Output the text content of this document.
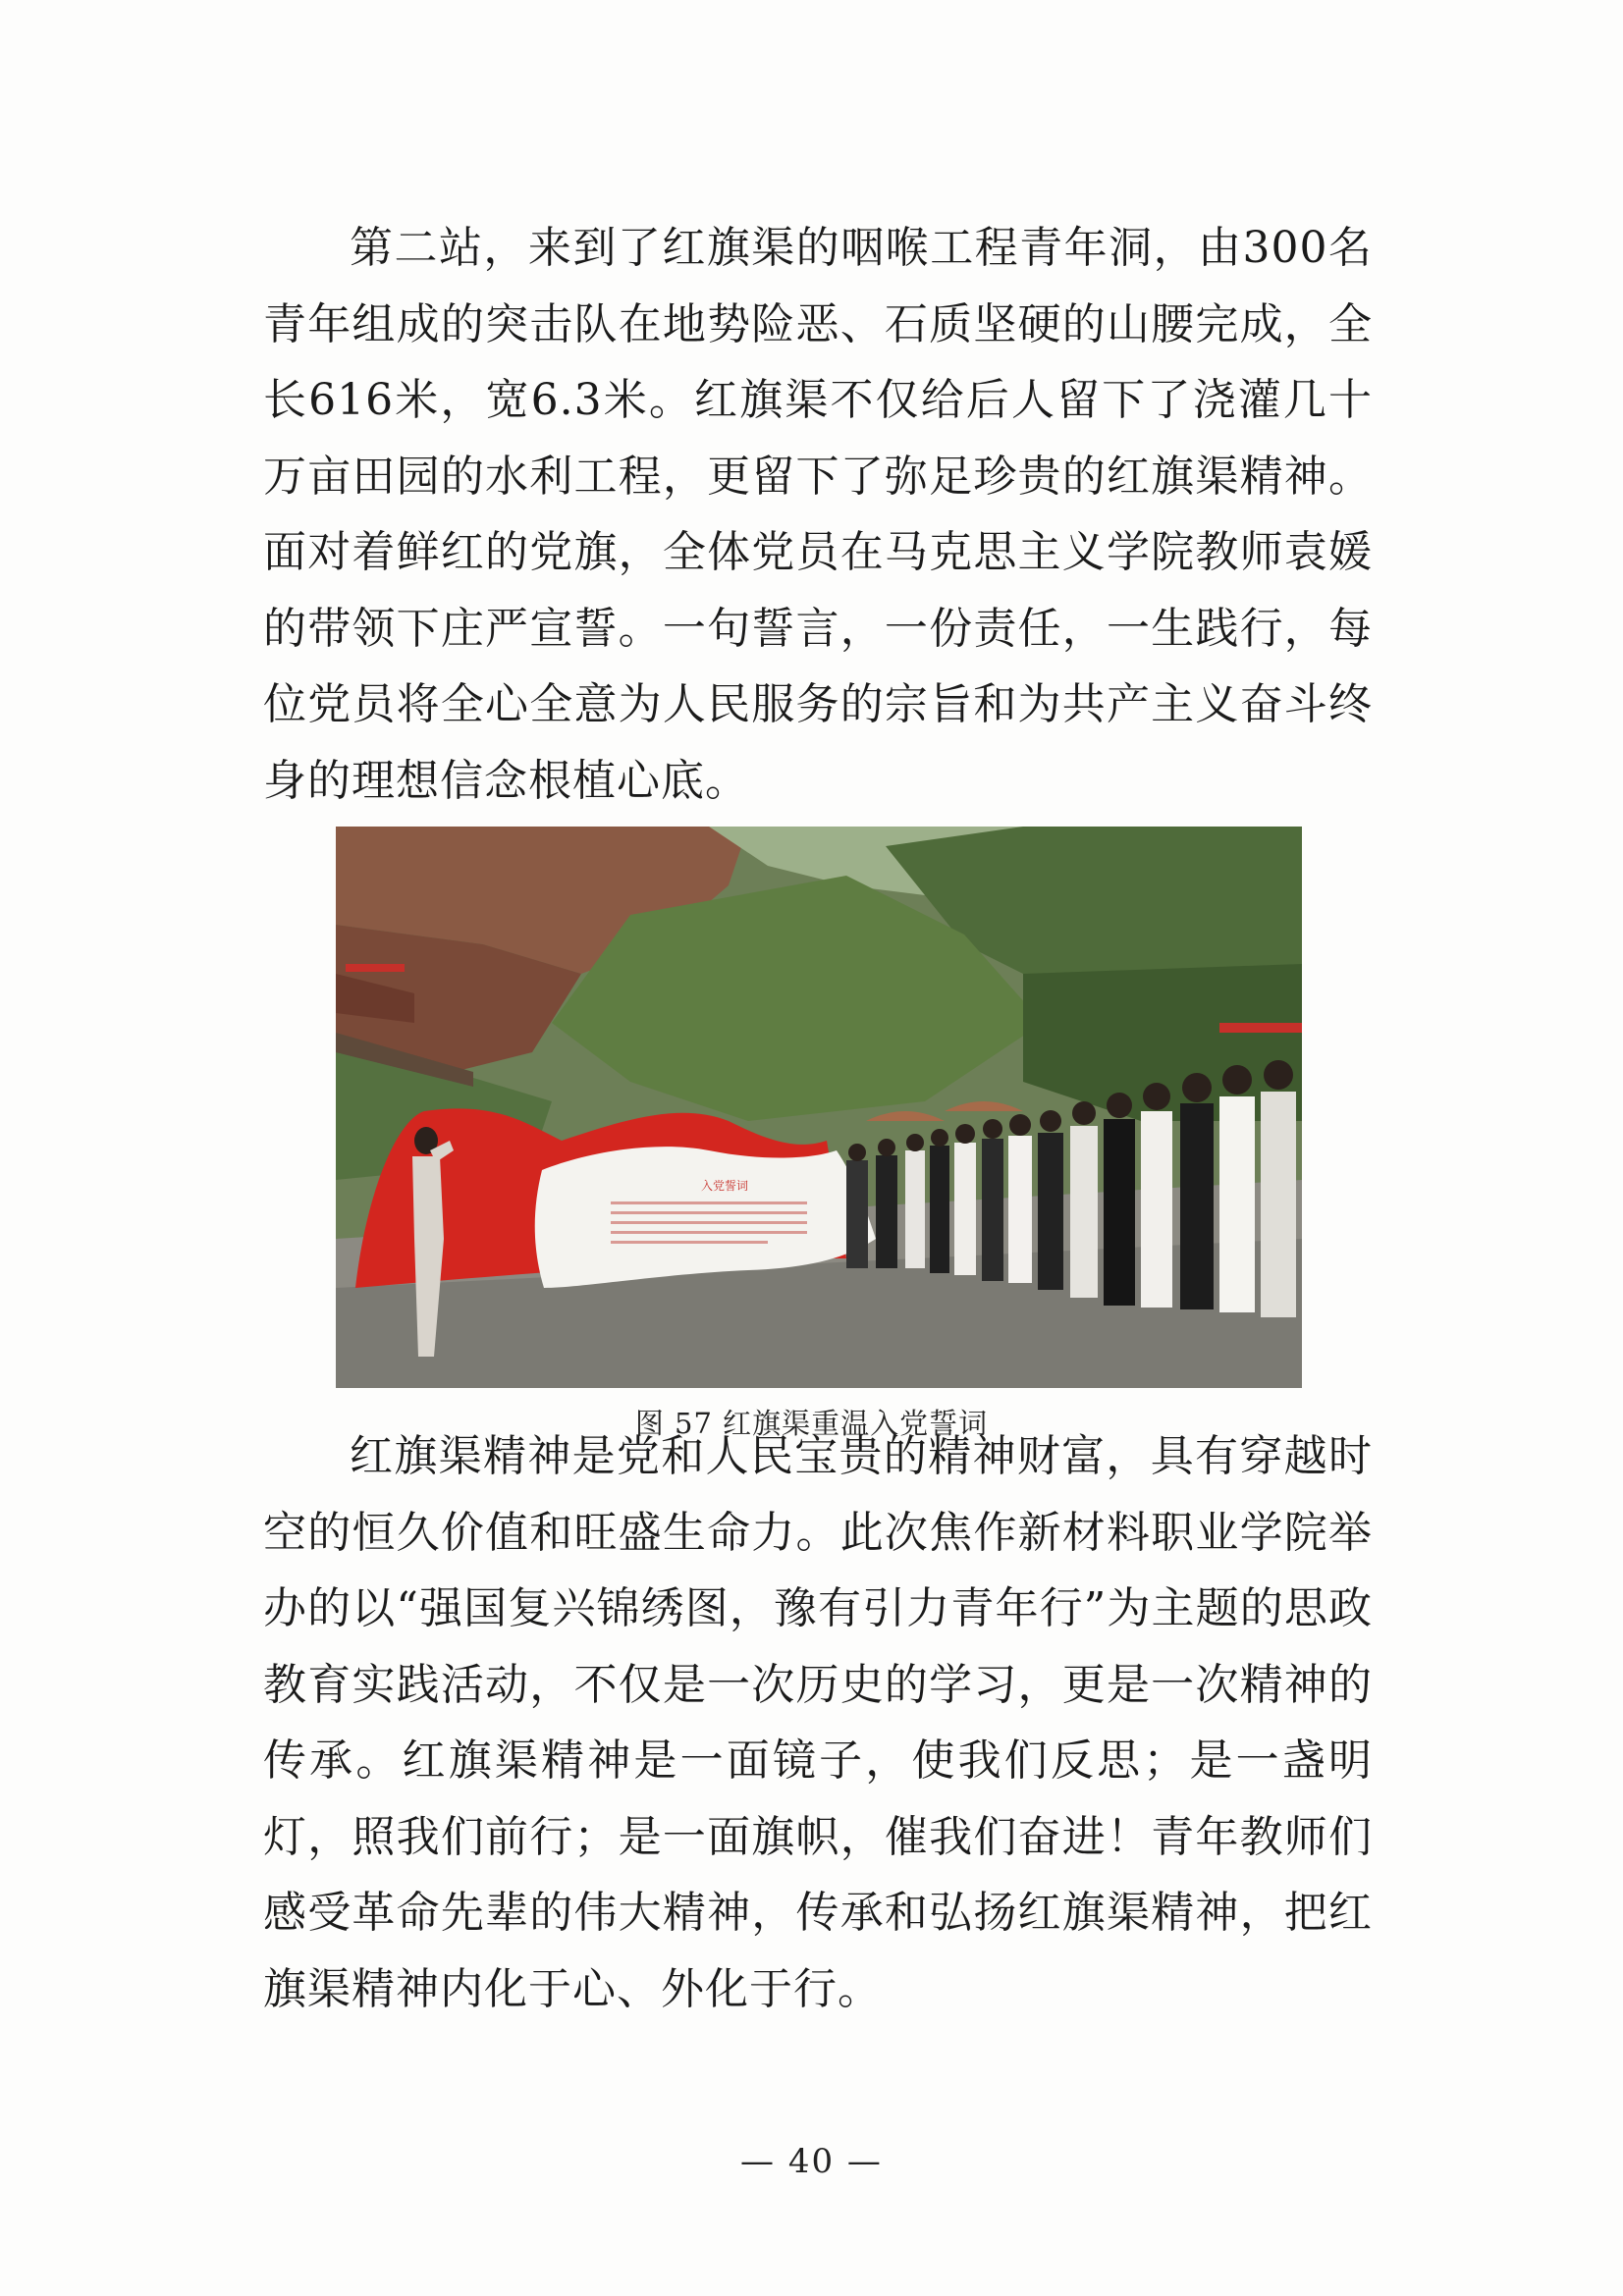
第二站，来到了红旗渠的咽喉工程青年洞，由300名青年组成的突击队在地势险恶、石质坚硬的山腰完成，全长616米，宽6.3米。红旗渠不仅给后人留下了浇灌几十万亩田园的水利工程，更留下了弥足珍贵的红旗渠精神。面对着鲜红的党旗，全体党员在马克思主义学院教师袁媛的带领下庄严宣誓。一句誓言，一份责任，一生践行，每位党员将全心全意为人民服务的宗旨和为共产主义奋斗终身的理想信念根植心底。

入党誓词
图 57 红旗渠重温入党誓词

红旗渠精神是党和人民宝贵的精神财富，具有穿越时空的恒久价值和旺盛生命力。此次焦作新材料职业学院举办的以“强国复兴锦绣图，豫有引力青年行”为主题的思政教育实践活动，不仅是一次历史的学习，更是一次精神的传承。红旗渠精神是一面镜子，使我们反思；是一盏明灯，照我们前行；是一面旗帜，催我们奋进！青年教师们感受革命先辈的伟大精神，传承和弘扬红旗渠精神，把红旗渠精神内化于心、外化于行。

— 40 —
